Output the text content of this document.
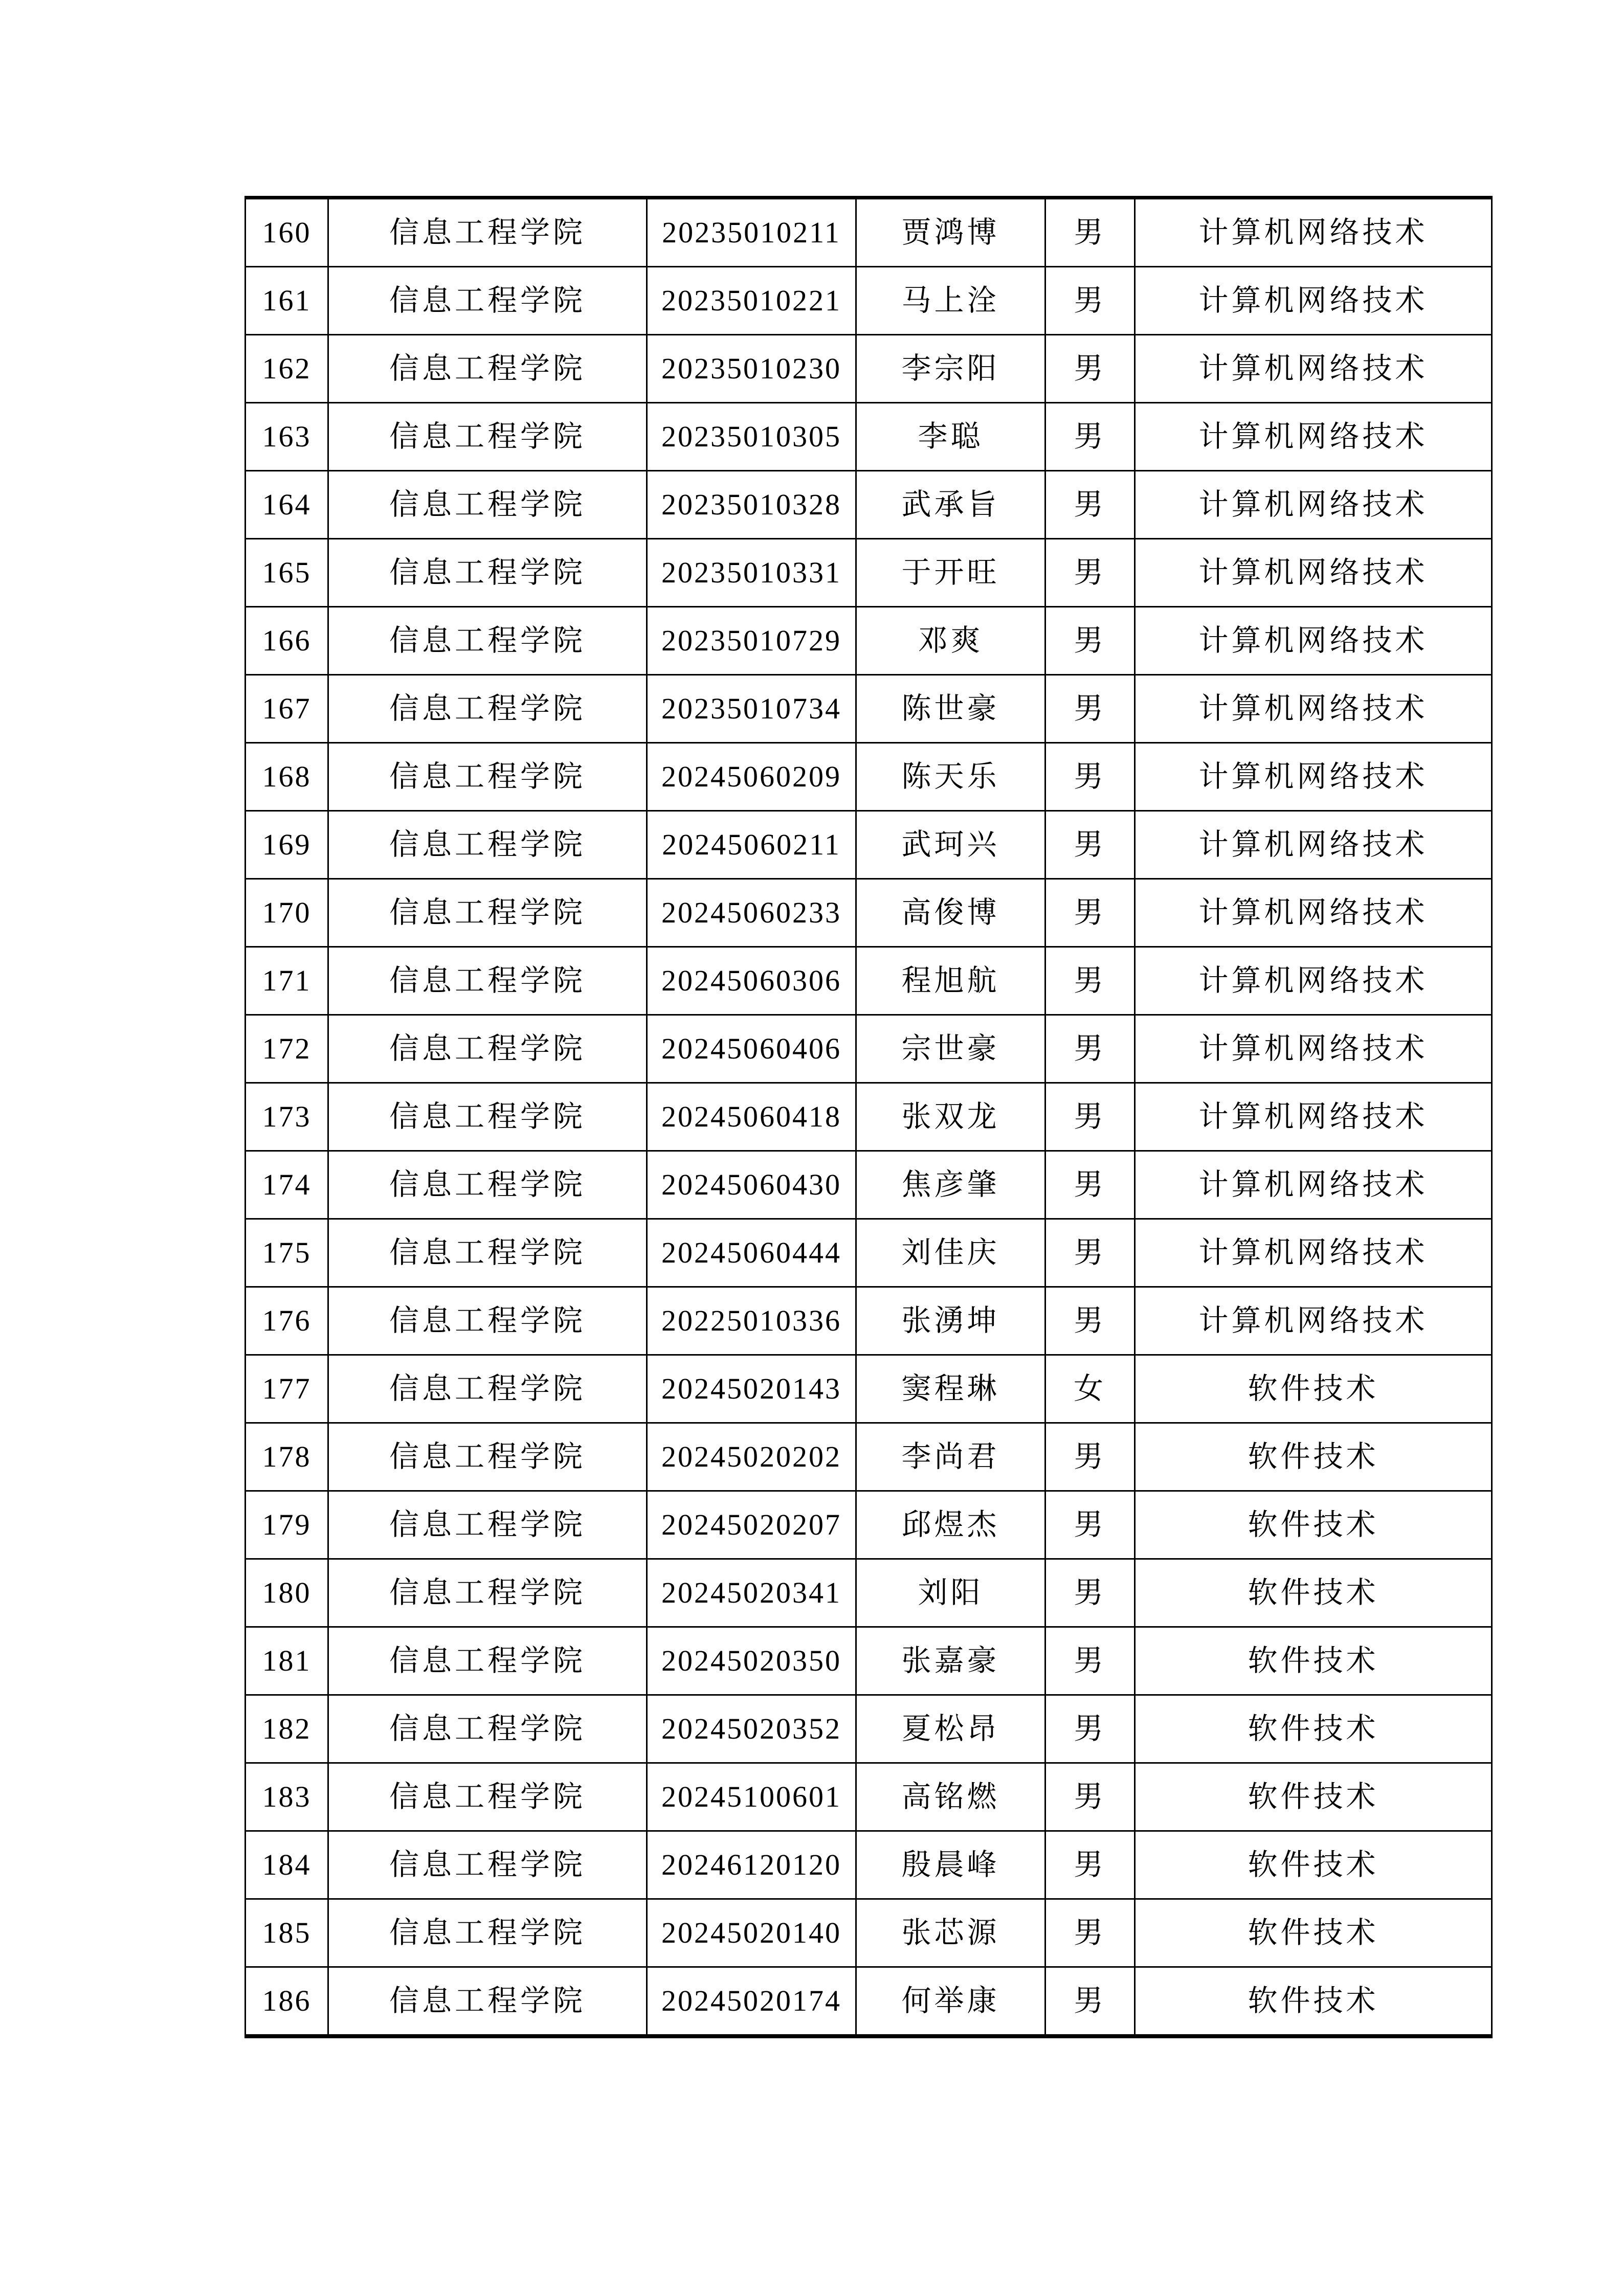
160	信息工程学院	20235010211	贾鸿博	男	计算机网络技术
161	信息工程学院	20235010221	马上洤	男	计算机网络技术
162	信息工程学院	20235010230	李宗阳	男	计算机网络技术
163	信息工程学院	20235010305	李聪	男	计算机网络技术
164	信息工程学院	20235010328	武承旨	男	计算机网络技术
165	信息工程学院	20235010331	于开旺	男	计算机网络技术
166	信息工程学院	20235010729	邓爽	男	计算机网络技术
167	信息工程学院	20235010734	陈世豪	男	计算机网络技术
168	信息工程学院	20245060209	陈天乐	男	计算机网络技术
169	信息工程学院	20245060211	武珂兴	男	计算机网络技术
170	信息工程学院	20245060233	高俊博	男	计算机网络技术
171	信息工程学院	20245060306	程旭航	男	计算机网络技术
172	信息工程学院	20245060406	宗世豪	男	计算机网络技术
173	信息工程学院	20245060418	张双龙	男	计算机网络技术
174	信息工程学院	20245060430	焦彦肇	男	计算机网络技术
175	信息工程学院	20245060444	刘佳庆	男	计算机网络技术
176	信息工程学院	20225010336	张湧坤	男	计算机网络技术
177	信息工程学院	20245020143	窦程琳	女	软件技术
178	信息工程学院	20245020202	李尚君	男	软件技术
179	信息工程学院	20245020207	邱煜杰	男	软件技术
180	信息工程学院	20245020341	刘阳	男	软件技术
181	信息工程学院	20245020350	张嘉豪	男	软件技术
182	信息工程学院	20245020352	夏松昂	男	软件技术
183	信息工程学院	20245100601	高铭燃	男	软件技术
184	信息工程学院	20246120120	殷晨峰	男	软件技术
185	信息工程学院	20245020140	张芯源	男	软件技术
186	信息工程学院	20245020174	何举康	男	软件技术
